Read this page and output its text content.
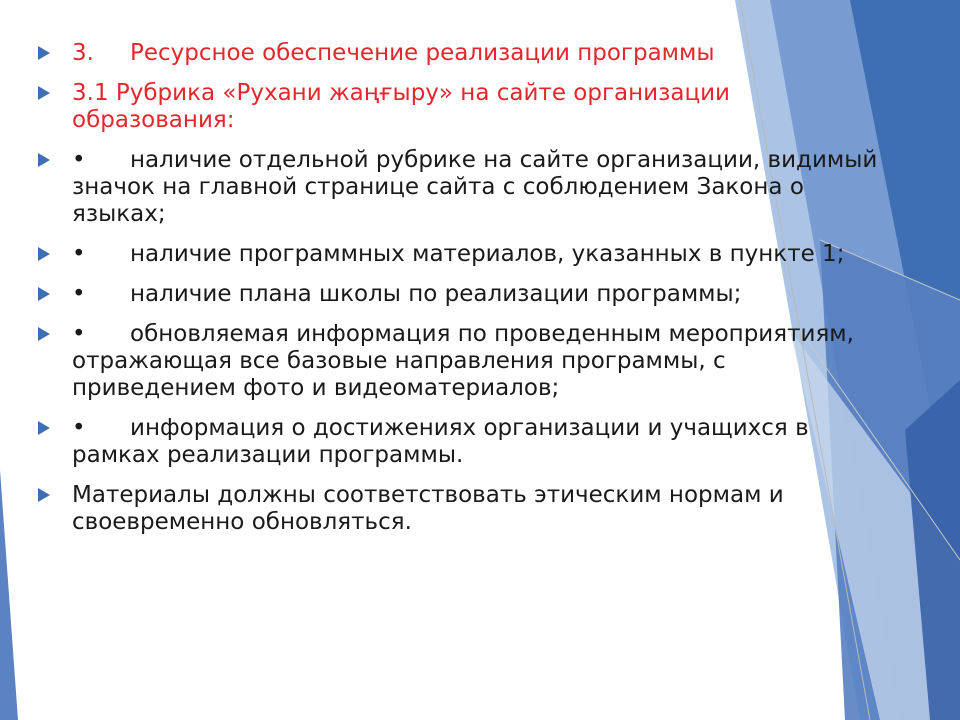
3. Ресурсное обеспечение реализации программы
3.1 Рубрика «Рухани жаңғыру» на сайте организации образования:
• наличие отдельной рубрике на сайте организации, видимый значок на главной странице сайта с соблюдением Закона о языках;
• наличие программных материалов, указанных в пункте 1;
• наличие плана школы по реализации программы;
• обновляемая информация по проведенным мероприятиям, отражающая все базовые направления программы, с приведением фото и видеоматериалов;
• информация о достижениях организации и учащихся в рамках реализации программы.
Материалы должны соответствовать этическим нормам и своевременно обновляться.
